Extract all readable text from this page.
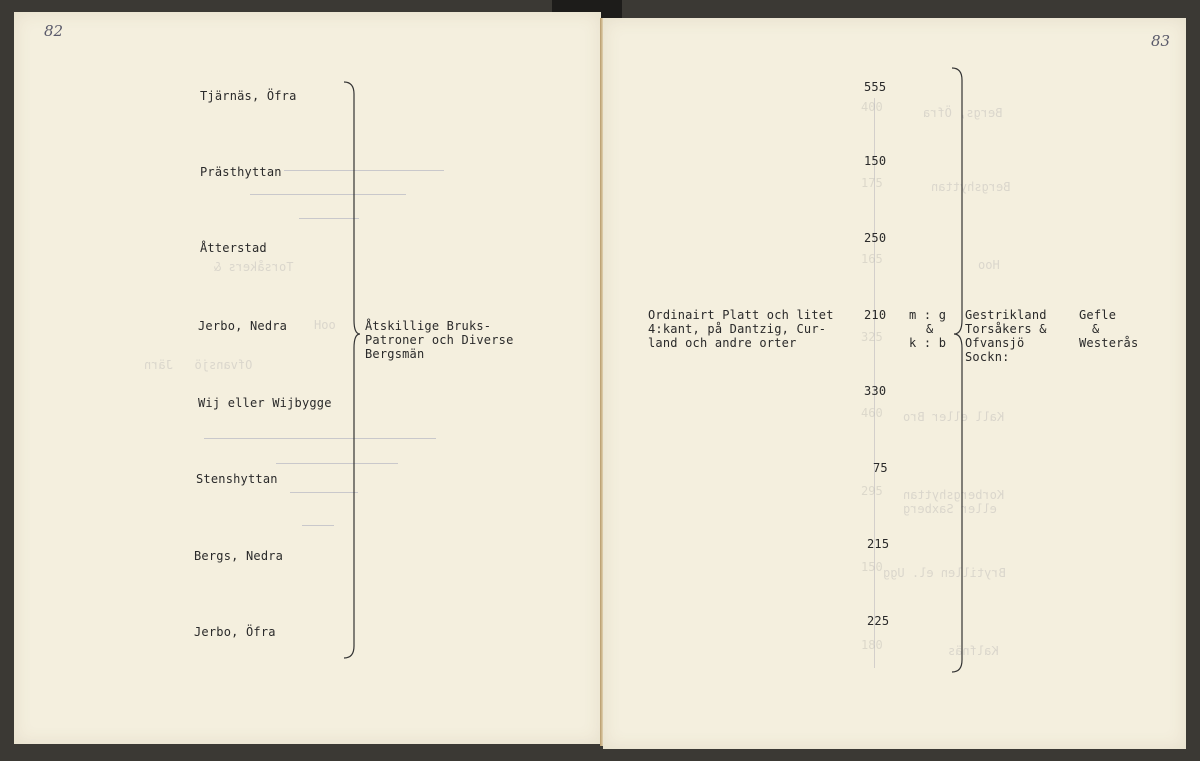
82
Torsåkers &
Ofvansjö   Järn
Hoo
Tjärnäs, Öfra
Prästhyttan
Åtterstad
Jerbo, Nedra
Wij eller Wijbygge
Stenshyttan
Bergs, Nedra
Jerbo, Öfra
Åtskillige Bruks-
Patroner och Diverse
Bergsmän
83
Bergs, Öfra
Bergshyttan
Hoo
Kall eller Bro
Korbergshyttan
eller Saxberg
Brytillen el. Ugg
Kalfnäs
400
175
165
325
460
295
150
180
555
150
250
210
330
75
215
225
Ordinairt Platt och litet
4:kant, på Dantzig, Cur-
land och andre orter
m : g
&
k : b
Gestrikland
Torsåkers &
Ofvansjö
Sockn:
Gefle
&
Westerås
